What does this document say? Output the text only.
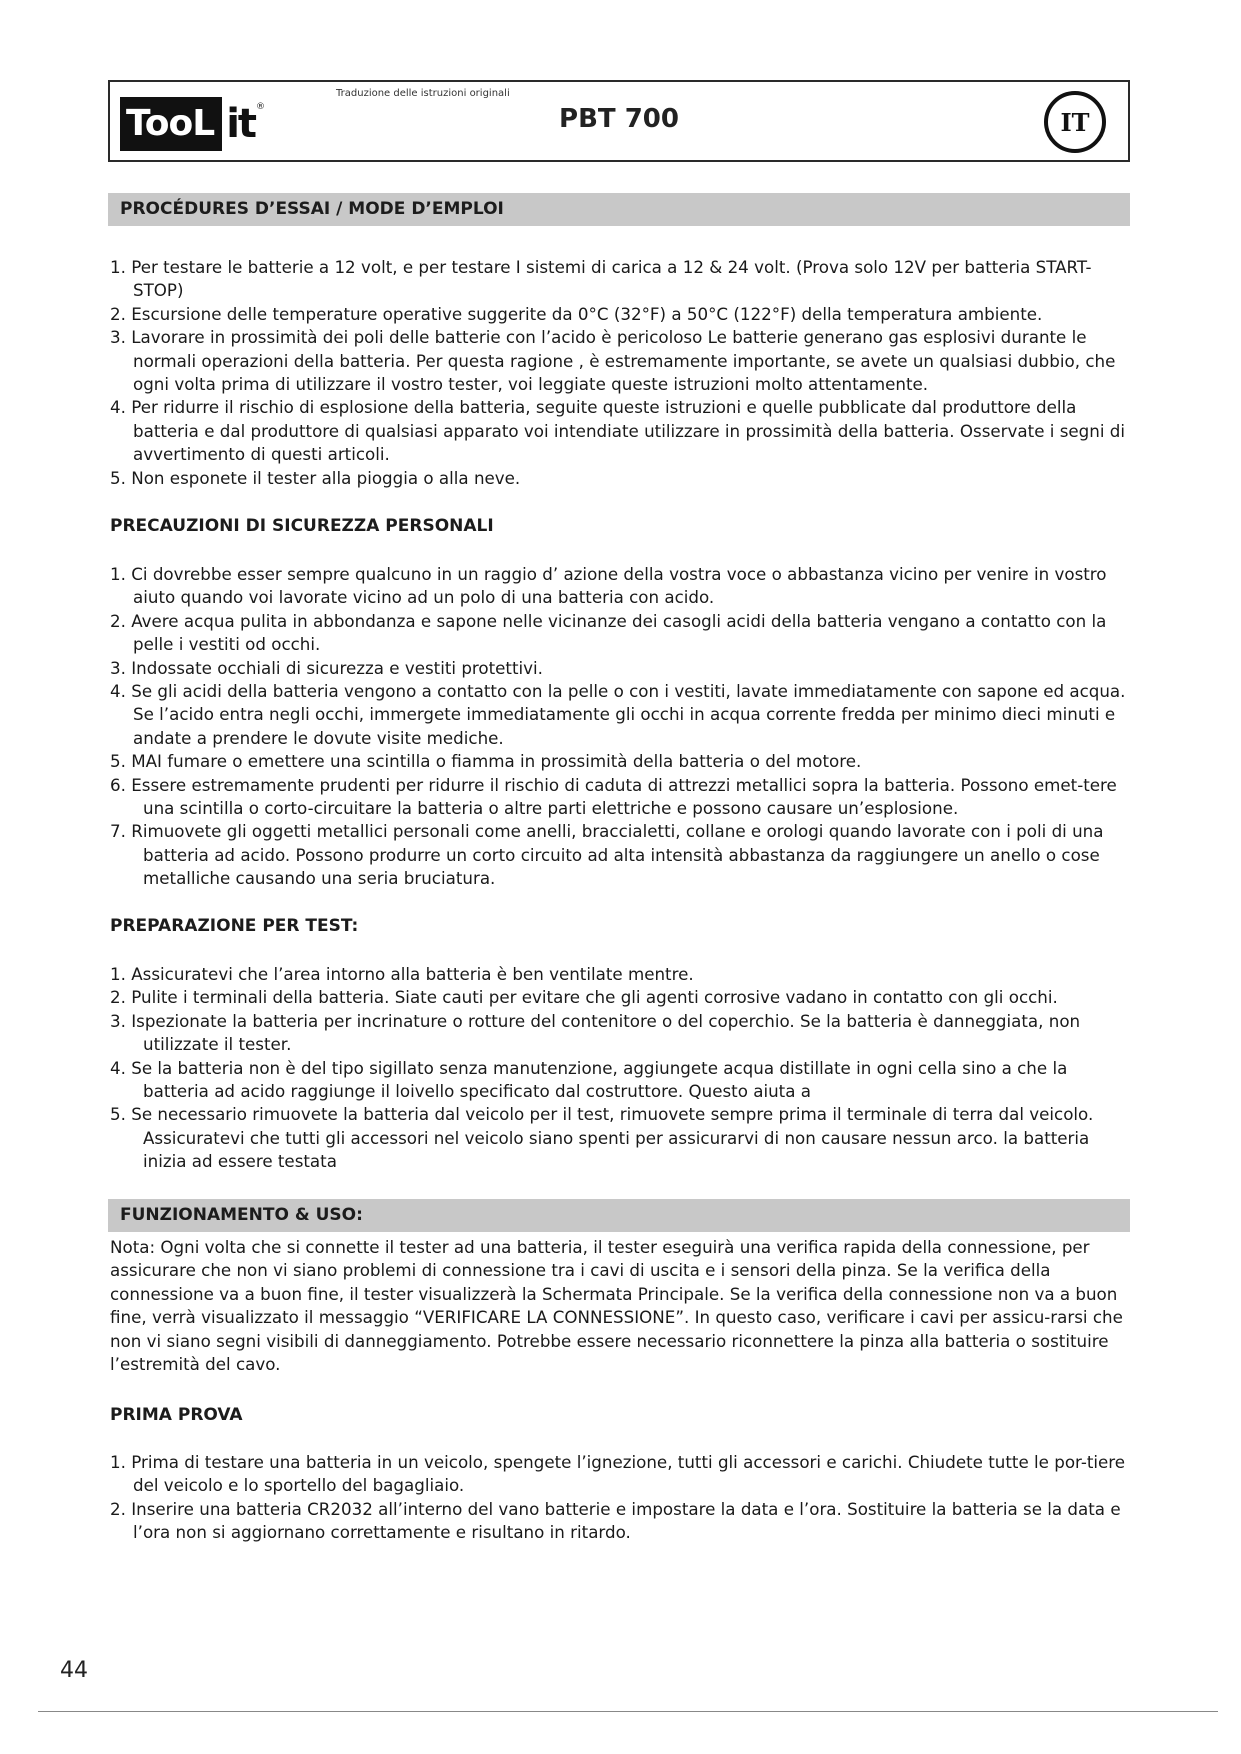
TooL it ®
Traduzione delle istruzioni originali
PBT 700	IT
PROCÉDURES D’ESSAI / MODE D’EMPLOI
1. Per testare le batterie a 12 volt, e per testare I sistemi di carica a 12 & 24 volt. (Prova solo 12V per batteria START-STOP)
2. Escursione delle temperature operative suggerite da 0°C (32°F) a 50°C (122°F) della temperatura ambiente.
3. Lavorare in prossimità dei poli delle batterie con l’acido è pericoloso Le batterie generano gas esplosivi durante le normali operazioni della batteria. Per questa ragione , è estremamente importante, se avete un qualsiasi dubbio, che ogni volta prima di utilizzare il vostro tester, voi leggiate queste istruzioni molto attentamente.
4. Per ridurre il rischio di esplosione della batteria, seguite queste istruzioni e quelle pubblicate dal produttore della batteria e dal produttore di qualsiasi apparato voi intendiate utilizzare in prossimità della batteria. Osservate i segni di avvertimento di questi articoli.
5. Non esponete il tester alla pioggia o alla neve.
PRECAUZIONI DI SICUREZZA PERSONALI
1. Ci dovrebbe esser sempre qualcuno in un raggio d’ azione della vostra voce o abbastanza vicino per venire in vostro aiuto quando voi lavorate vicino ad un polo di una batteria con acido.
2. Avere acqua pulita in abbondanza e sapone nelle vicinanze dei casogli acidi della batteria vengano a contatto con la pelle i vestiti od occhi.
3. Indossate occhiali di sicurezza e vestiti protettivi.
4. Se gli acidi della batteria vengono a contatto con la pelle o con i vestiti, lavate immediatamente con sapone ed acqua. Se l’acido entra negli occhi, immergete immediatamente gli occhi in acqua corrente fredda per minimo dieci minuti e andate a prendere le dovute visite mediche.
5. MAI fumare o emettere una scintilla o fiamma in prossimità della batteria o del motore.
6. Essere estremamente prudenti per ridurre il rischio di caduta di attrezzi metallici sopra la batteria. Possono emet-tere una scintilla o corto-circuitare la batteria o altre parti elettriche e possono causare un’esplosione.
7. Rimuovete gli oggetti metallici personali come anelli, braccialetti, collane e orologi quando lavorate con i poli di una batteria ad acido. Possono produrre un corto circuito ad alta intensità abbastanza da raggiungere un anello o cose metalliche causando una seria bruciatura.
PREPARAZIONE PER TEST:
1. Assicuratevi che l’area intorno alla batteria è ben ventilate mentre.
2. Pulite i terminali della batteria. Siate cauti per evitare che gli agenti corrosive vadano in contatto con gli occhi.
3. Ispezionate la batteria per incrinature o rotture del contenitore o del coperchio. Se la batteria è danneggiata, non utilizzate il tester.
4. Se la batteria non è del tipo sigillato senza manutenzione, aggiungete acqua distillate in ogni cella sino a che la batteria ad acido raggiunge il loivello specificato dal costruttore. Questo aiuta a
5. Se necessario rimuovete la batteria dal veicolo per il test, rimuovete sempre prima il terminale di terra dal veicolo. Assicuratevi che tutti gli accessori nel veicolo siano spenti per assicurarvi di non causare nessun arco. la batteria inizia ad essere testata
FUNZIONAMENTO & USO:

Nota: Ogni volta che si connette il tester ad una batteria, il tester eseguirà una verifica rapida della connessione, per assicurare che non vi siano problemi di connessione tra i cavi di uscita e i sensori della pinza. Se la verifica della connessione va a buon fine, il tester visualizzerà la Schermata Principale. Se la verifica della connessione non va a buon fine, verrà visualizzato il messaggio “VERIFICARE LA CONNESSIONE”. In questo caso, verificare i cavi per assicu-rarsi che non vi siano segni visibili di danneggiamento. Potrebbe essere necessario riconnettere la pinza alla batteria o sostituire l’estremità del cavo.

PRIMA PROVA
1. Prima di testare una batteria in un veicolo, spengete l’ignezione, tutti gli accessori e carichi. Chiudete tutte le por-tiere del veicolo e lo sportello del bagagliaio.
2. Inserire una batteria CR2032 all’interno del vano batterie e impostare la data e l’ora. Sostituire la batteria se la data e l’ora non si aggiornano correttamente e risultano in ritardo.
44
